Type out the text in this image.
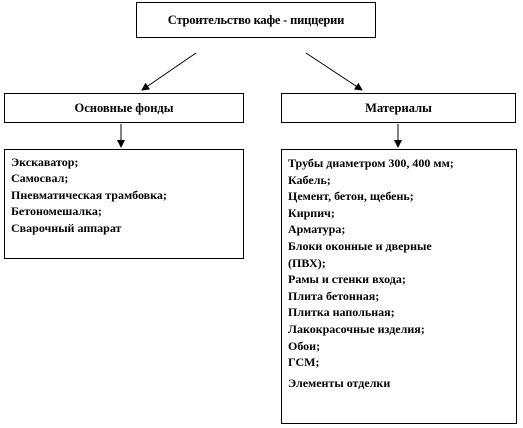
Строительство кафе - пиццерии
Основные фонды	Материалы
Экскаватор;
Самосвал;
Пневматическая трамбовка;
Бетономешалка;
Сварочный аппарат
Трубы диаметром 300, 400 мм;
Кабель;
Цемент, бетон, щебень;
Кирпич;
Арматура;
Блоки оконные и дверные
(ПВХ);
Рамы и стенки входа;
Плита бетонная;
Плитка напольная;
Лакокрасочные изделия;
Обои;
ГСМ;
Элементы отделки
